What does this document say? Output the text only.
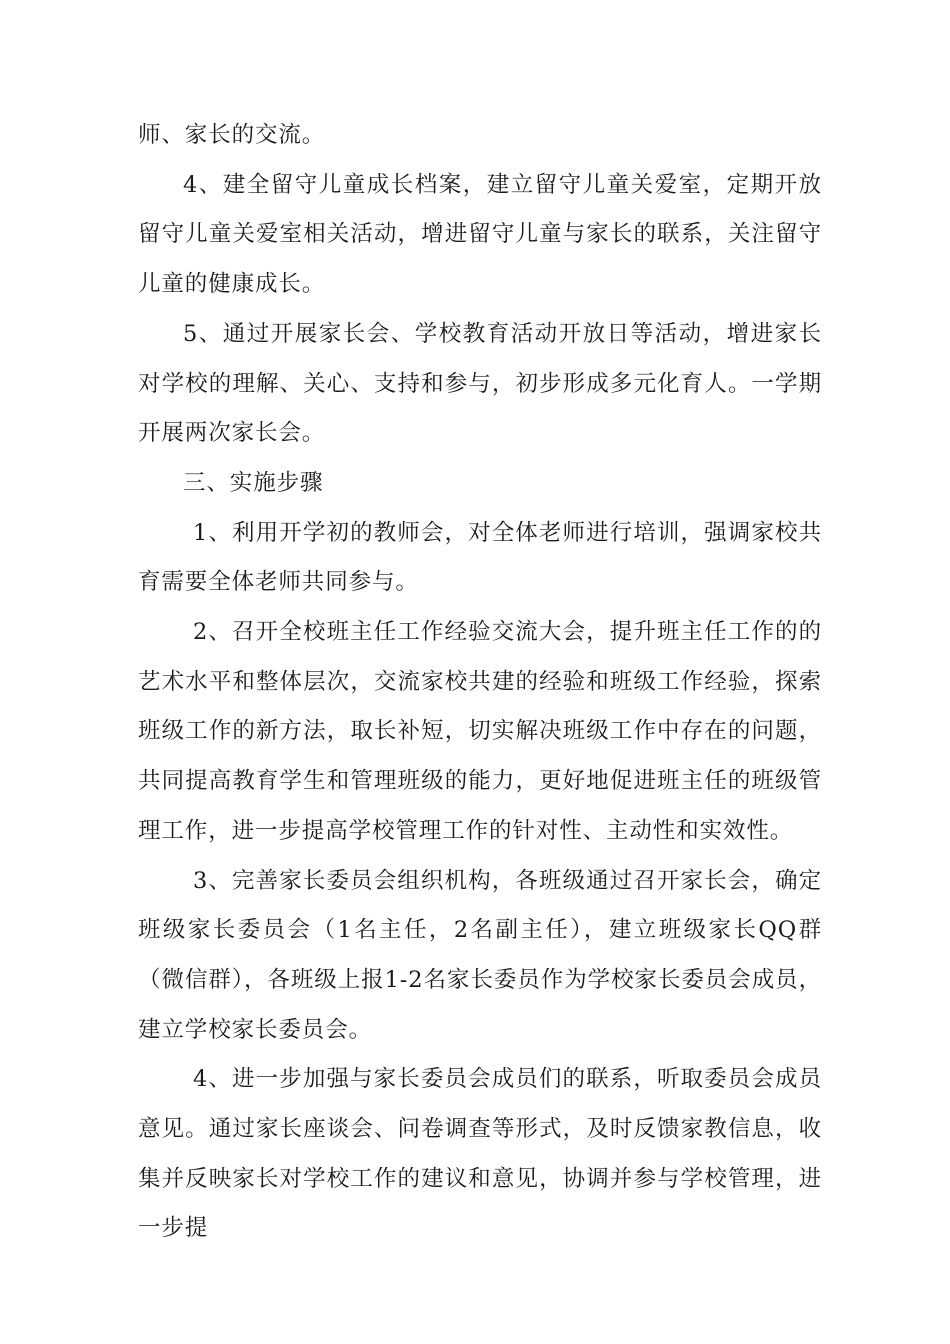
师、家长的交流。

4、建全留守儿童成长档案，建立留守儿童关爱室，定期开放留守儿童关爱室相关活动，增进留守儿童与家长的联系，关注留守儿童的健康成长。

5、通过开展家长会、学校教育活动开放日等活动，增进家长对学校的理解、关心、支持和参与，初步形成多元化育人。一学期开展两次家长会。

三、实施步骤

1、利用开学初的教师会，对全体老师进行培训，强调家校共育需要全体老师共同参与。

2、召开全校班主任工作经验交流大会，提升班主任工作的的艺术水平和整体层次，交流家校共建的经验和班级工作经验，探索班级工作的新方法，取长补短，切实解决班级工作中存在的问题，共同提高教育学生和管理班级的能力，更好地促进班主任的班级管理工作，进一步提高学校管理工作的针对性、主动性和实效性。

3、完善家长委员会组织机构，各班级通过召开家长会，确定班级家长委员会（1名主任，2名副主任），建立班级家长QQ群（微信群），各班级上报1-2名家长委员作为学校家长委员会成员，建立学校家长委员会。

4、进一步加强与家长委员会成员们的联系，听取委员会成员意见。通过家长座谈会、问卷调查等形式，及时反馈家教信息，收集并反映家长对学校工作的建议和意见，协调并参与学校管理，进一步提
